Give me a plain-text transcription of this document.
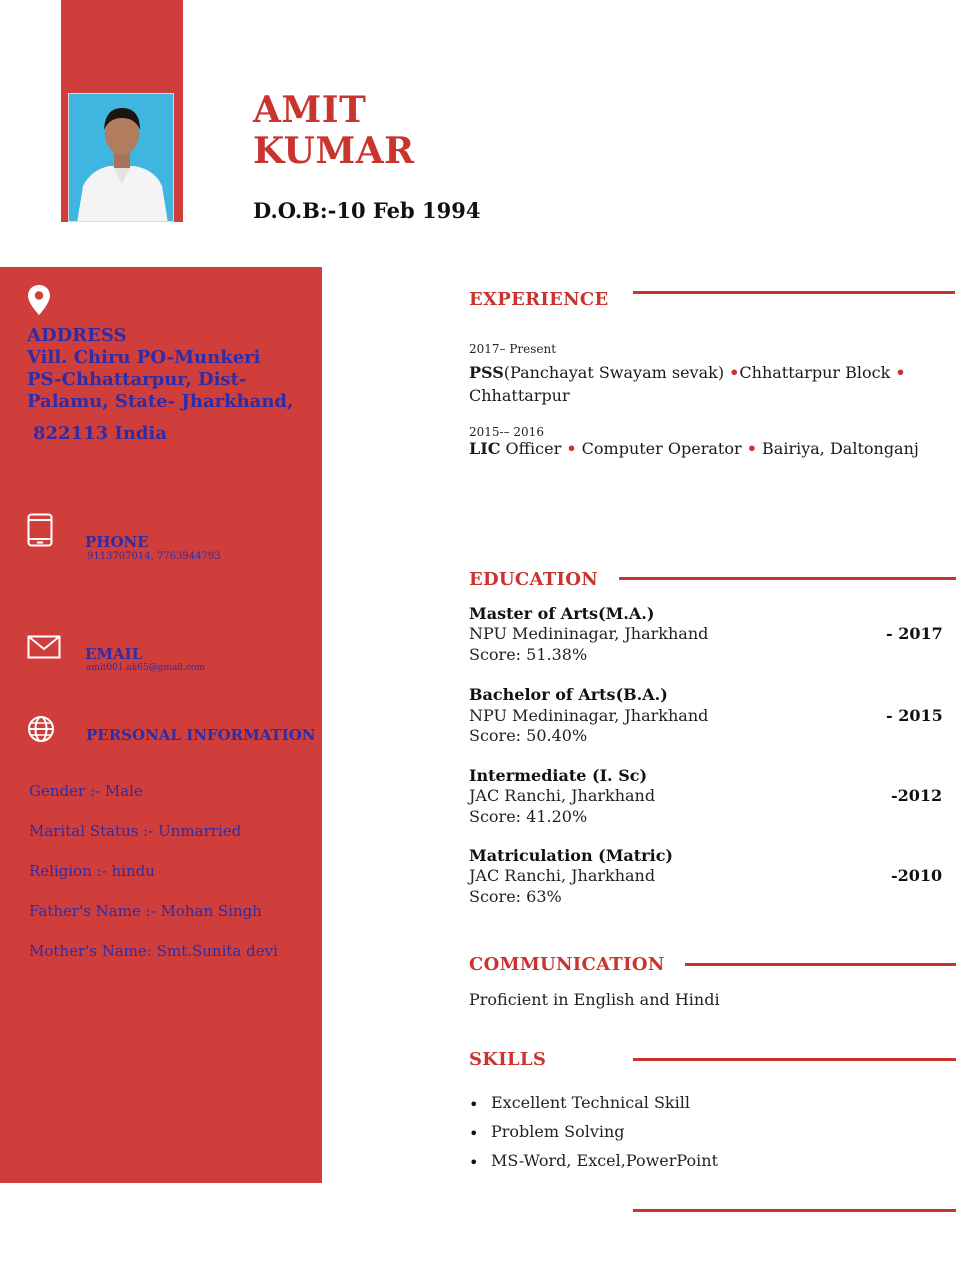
AMIT
KUMAR
D.O.B:-10 Feb 1994
ADDRESS
Vill. Chiru PO-Munkeri
PS-Chhattarpur, Dist-
Palamu, State- Jharkhand,
822113 India
PHONE
9113707014, 7763944793
EMAIL
amit001.ak65@gmail.com
PERSONAL INFORMATION
Gender :- Male
Marital Status :- Unmarried
Religion :- hindu
Father's Name :- Mohan Singh
Mother's Name: Smt.Sunita devi
EXPERIENCE
2017– Present
PSS(Panchayat Swayam sevak) •Chhattarpur Block •
Chhattarpur
2015-– 2016
LIC Officer • Computer Operator • Bairiya, Daltonganj
EDUCATION
Master of Arts(M.A.)
NPU Medininagar, Jharkhand
Score: 51.38%
- 2017
Bachelor of Arts(B.A.)
NPU Medininagar, Jharkhand
Score: 50.40%
- 2015
Intermediate (I. Sc)
JAC Ranchi, Jharkhand
Score: 41.20%
-2012
Matriculation (Matric)
JAC Ranchi, Jharkhand
Score: 63%
-2010
COMMUNICATION
Proficient in English and Hindi
SKILLS
• Excellent Technical Skill
• Problem Solving
• MS-Word, Excel,PowerPoint
